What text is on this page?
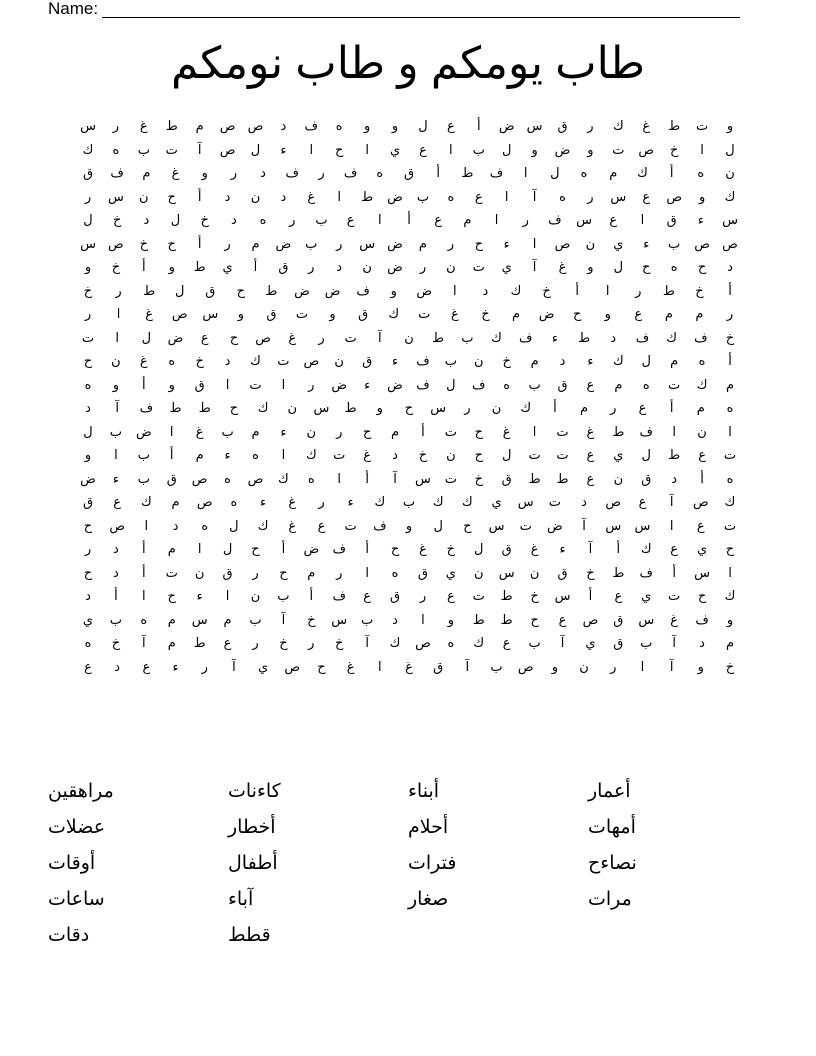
Name:
طاب يومكم و طاب نومكم
و
ت
ط
غ
ك
ر
ق
س
ض
أ
ع
ل
و
و
ه
ف
د
ص
ص
م
ط
غ
ر
س
ل
ا
خ
ص
ت
و
ض
و
ل
ب
ا
ع
ي
ا
ح
ا
ء
ل
ص
آ
ت
ب
ه
ك
ن
ه
أ
ك
م
ه
ل
ا
ف
ط
أ
ق
ه
ف
ر
ف
د
ر
و
غ
م
ف
ق
ك
و
ص
ع
س
ر
ه
آ
ا
ع
ه
ب
ض
ط
ا
غ
د
ن
د
أ
ح
ن
س
ر
س
ء
ق
ا
ع
س
ف
ر
ا
م
ع
أ
ا
ع
ب
ر
ه
د
خ
ل
د
خ
ل
ص
ص
ب
ء
ي
ن
ص
ا
ء
ح
ر
م
ض
س
ر
ب
ض
م
ر
أ
ح
خ
ص
س
د
ح
ه
ح
ل
و
غ
آ
ي
ت
ن
ر
ض
ن
د
ر
ق
أ
ي
ط
و
أ
خ
و
أ
خ
ط
ر
ا
أ
خ
ك
د
ا
ض
و
ف
ض
ض
ط
ح
ق
ل
ط
ر
خ
ر
م
م
ع
و
ح
ض
م
خ
غ
ت
ك
ق
و
ت
ق
و
س
ص
غ
ا
ر
خ
ف
ك
ف
د
ط
ء
ف
ك
ب
ط
ن
آ
ت
ر
غ
ص
ح
ع
ض
ل
ا
ت
أ
ه
م
ل
ك
ء
د
م
خ
ن
ب
ف
ء
ق
ن
ص
ت
ك
د
خ
ه
غ
ن
ح
م
ك
ت
ه
م
ع
ق
ب
ه
ف
ل
ف
ض
ء
ض
ر
ا
ت
ا
ق
و
أ
و
ه
ه
م
أ
ع
ر
م
أ
ك
ن
ر
س
ح
و
ط
س
ن
ك
ح
ط
ط
ف
آ
د
ا
ن
ا
ف
ط
غ
ت
ا
غ
ح
ت
أ
م
ح
ر
ن
ء
م
ب
غ
ا
ض
ب
ل
ت
ع
ط
ل
ي
ع
ت
ت
ل
ح
ن
خ
د
غ
ت
ك
ا
ه
ء
م
أ
ب
ا
و
ه
أ
د
ق
ن
ع
ط
ط
ق
خ
ت
س
آ
أ
ا
ه
ك
ص
ه
ص
ق
ب
ء
ض
ك
ص
آ
ع
ص
د
ت
س
ي
ك
ك
ب
ك
ء
ر
غ
ء
ه
ص
م
ك
ع
ق
ت
ع
ا
س
س
آ
ض
ت
س
ح
ل
و
ف
ت
ع
غ
ك
ل
ه
د
ا
ص
ح
ح
ي
ع
ك
أ
آ
ء
غ
ق
ل
خ
غ
ح
أ
ف
ض
أ
ح
ل
ا
م
أ
د
ر
ا
س
أ
ف
ط
خ
ق
ن
س
ن
ي
ق
ه
ا
ر
م
ح
ر
ق
ن
ت
أ
د
ح
ك
ح
ت
ي
ع
أ
س
خ
ط
ت
ع
ر
ق
ع
ف
أ
ب
ن
ا
ء
ح
ا
أ
د
و
ف
غ
س
ق
ص
ع
ح
ط
ط
و
ا
د
ب
س
خ
آ
ب
م
س
م
ه
ب
ي
م
د
آ
ب
ق
ي
آ
ب
ع
ك
ه
ص
ك
آ
خ
ر
خ
ر
ع
ط
م
آ
خ
ه
خ
و
آ
ا
ر
ن
و
ص
ب
آ
ق
غ
ا
غ
ح
ص
ي
آ
ر
ء
ع
د
ع
مراهقين
عضلات
أوقات
ساعات
دقات
كاءنات
أخطار
أطفال
آباء
قطط
أبناء
أحلام
فترات
صغار
أعمار
أمهات
نصاءح
مرات
